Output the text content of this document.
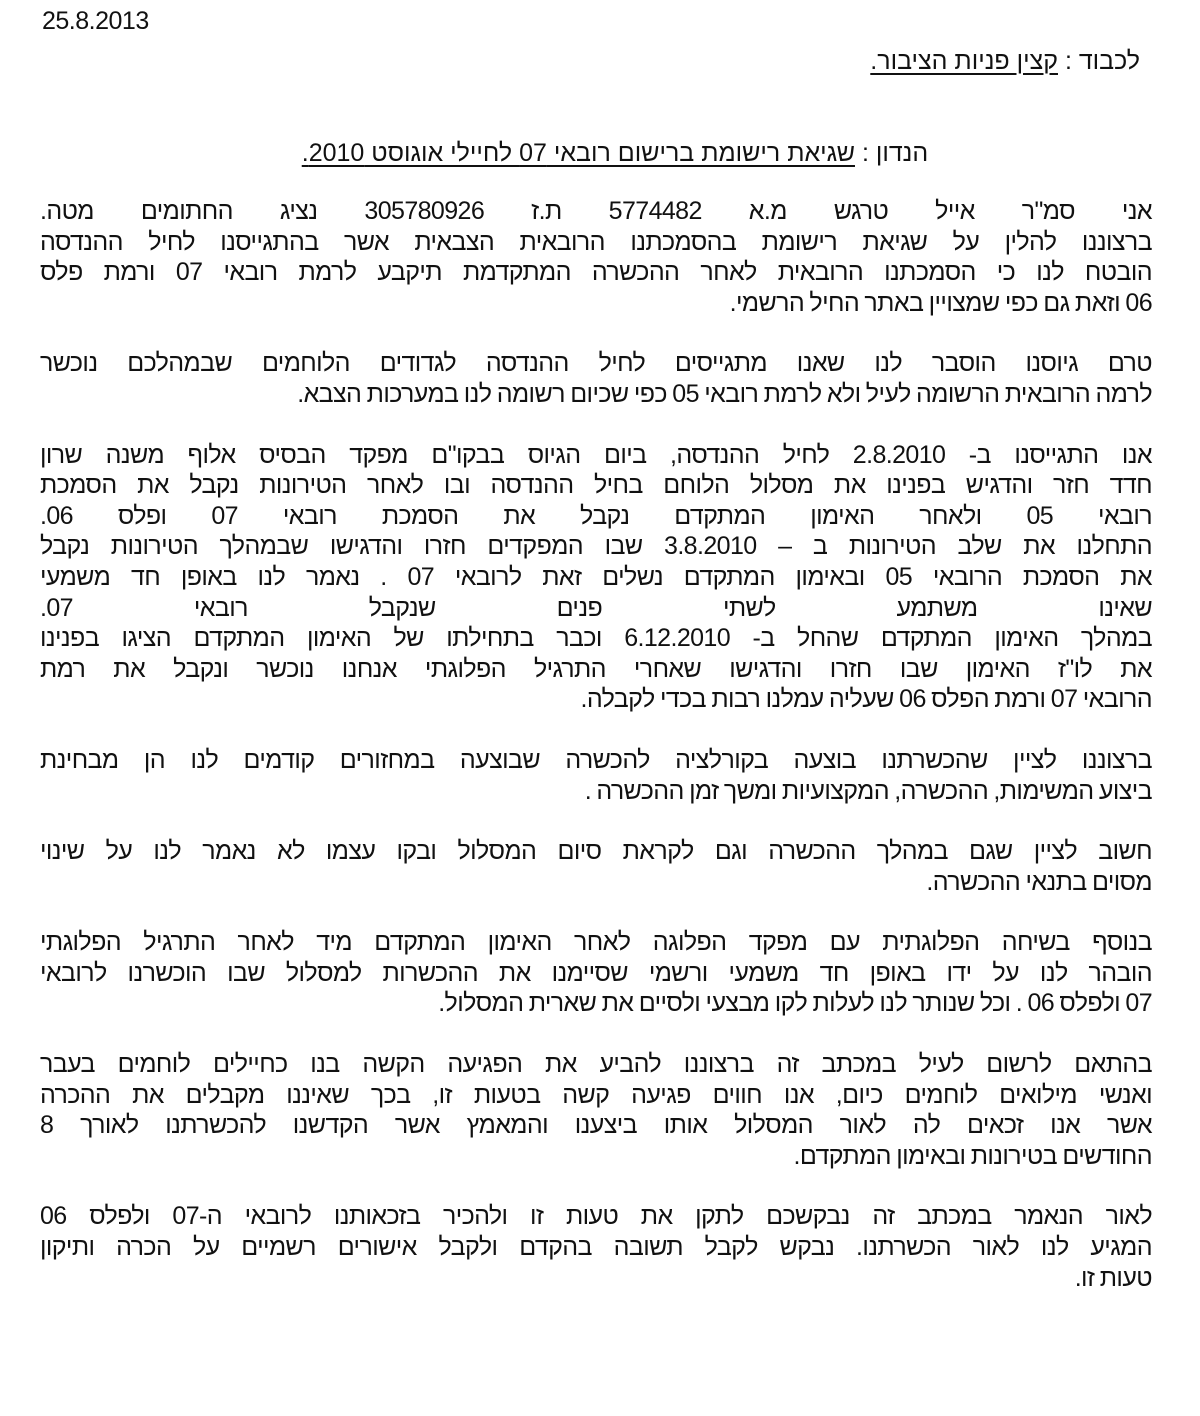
25.8.2013
לכבוד : קצין פניות הציבור.
הנדון : שגיאת רישומת ברישום רובאי 07 לחיילי אוגוסט 2010.
אני סמ"ר אייל טרגש מ.א 5774482 ת.ז 305780926 נציג החתומים מטה.
ברצוננו להלין על שגיאת רישומת בהסמכתנו הרובאית הצבאית אשר בהתגייסנו לחיל ההנדסה
הובטח לנו כי הסמכתנו הרובאית לאחר ההכשרה המתקדמת תיקבע לרמת רובאי 07 ורמת פלס
06 וזאת גם כפי שמצויין באתר החיל הרשמי.
טרם גיוסנו הוסבר לנו שאנו מתגייסים לחיל ההנדסה לגדודים הלוחמים שבמהלכם נוכשר
לרמה הרובאית הרשומה לעיל ולא לרמת רובאי 05 כפי שכיום רשומה לנו במערכות הצבא.
אנו התגייסנו ב- 2.8.2010 לחיל ההנדסה, ביום הגיוס בבקו"ם מפקד הבסיס אלוף משנה שרון
חדד חזר והדגיש בפנינו את מסלול הלוחם בחיל ההנדסה ובו לאחר הטירונות נקבל את הסמכת
רובאי 05 ולאחר האימון המתקדם נקבל את הסמכת רובאי 07 ופלס 06.
התחלנו את שלב הטירונות ב – 3.8.2010 שבו המפקדים חזרו והדגישו שבמהלך הטירונות נקבל
את הסמכת הרובאי 05 ובאימון המתקדם נשלים זאת לרובאי 07 . נאמר לנו באופן חד משמעי
שאינו משתמע לשתי פנים שנקבל רובאי 07.
במהלך האימון המתקדם שהחל ב- 6.12.2010 וכבר בתחילתו של האימון המתקדם הציגו בפנינו
את לו"ז האימון שבו חזרו והדגישו שאחרי התרגיל הפלוגתי אנחנו נוכשר ונקבל את רמת
הרובאי 07 ורמת הפלס 06 שעליה עמלנו רבות בכדי לקבלה.
ברצוננו לציין שהכשרתנו בוצעה בקורלציה להכשרה שבוצעה במחזורים קודמים לנו הן מבחינת
ביצוע המשימות, ההכשרה, המקצועיות ומשך זמן ההכשרה .
חשוב לציין שגם במהלך ההכשרה וגם לקראת סיום המסלול ובקו עצמו לא נאמר לנו על שינוי
מסוים בתנאי ההכשרה.
בנוסף בשיחה הפלוגתית עם מפקד הפלוגה לאחר האימון המתקדם מיד לאחר התרגיל הפלוגתי
הובהר לנו על ידו באופן חד משמעי ורשמי שסיימנו את ההכשרות למסלול שבו הוכשרנו לרובאי
07 ולפלס 06 . וכל שנותר לנו לעלות לקו מבצעי ולסיים את שארית המסלול.
בהתאם לרשום לעיל במכתב זה ברצוננו להביע את הפגיעה הקשה בנו כחיילים לוחמים בעבר
ואנשי מילואים לוחמים כיום, אנו חווים פגיעה קשה בטעות זו, בכך שאיננו מקבלים את ההכרה
אשר אנו זכאים לה לאור המסלול אותו ביצענו והמאמץ אשר הקדשנו להכשרתנו לאורך 8
החודשים בטירונות ובאימון המתקדם.
לאור הנאמר במכתב זה נבקשכם לתקן את טעות זו ולהכיר בזכאותנו לרובאי ה-07 ולפלס 06
המגיע לנו לאור הכשרתנו. נבקש לקבל תשובה בהקדם ולקבל אישורים רשמיים על הכרה ותיקון
טעות זו.
